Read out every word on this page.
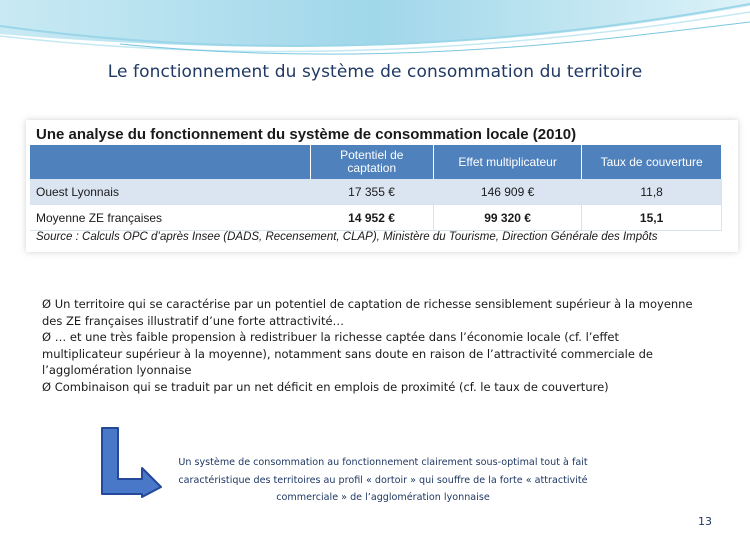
Le fonctionnement du système de consommation du territoire
Une analyse du fonctionnement du système de consommation locale (2010)
	Potentiel de captation	Effet multiplicateur	Taux de couverture
Ouest Lyonnais	17 355 €	146 909 €	11,8
Moyenne ZE françaises	14 952 €	99 320 €	15,1
Source : Calculs OPC d’après Insee (DADS, Recensement, CLAP), Ministère du Tourisme, Direction Générale des Impôts

Ø Un territoire qui se caractérise par un potentiel de captation de richesse sensiblement supérieur à la moyenne des ZE françaises illustratif d’une forte attractivité…

Ø … et une très faible propension à redistribuer la richesse captée dans l’économie locale (cf. l’effet multiplicateur supérieur à la moyenne), notamment sans doute en raison de l’attractivité commerciale de l’agglomération lyonnaise

Ø Combinaison qui se traduit par un net déficit en emplois de proximité (cf. le taux de couverture)

Un système de consommation au fonctionnement clairement sous-optimal tout à fait caractéristique des territoires au profil « dortoir » qui souffre de la forte « attractivité commerciale » de l’agglomération lyonnaise
13
